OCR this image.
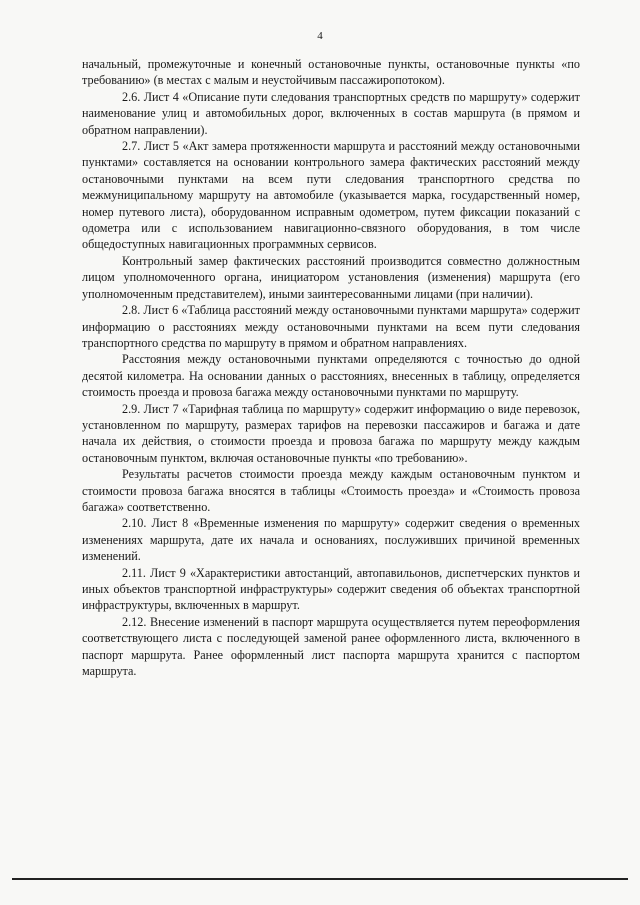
4

начальный, промежуточные и конечный остановочные пункты, остановочные пункты «по требованию» (в местах с малым и неустойчивым пассажиропотоком).

2.6. Лист 4 «Описание пути следования транспортных средств по маршруту» содержит наименование улиц и автомобильных дорог, включенных в состав маршрута (в прямом и обратном направлении).

2.7. Лист 5 «Акт замера протяженности маршрута и расстояний между остановочными пунктами» составляется на основании контрольного замера фактических расстояний между остановочными пунктами на всем пути следования транспортного средства по межмуниципальному маршруту на автомобиле (указывается марка, государственный номер, номер путевого листа), оборудованном исправным одометром, путем фиксации показаний с одометра или с использованием навигационно-связного оборудования, в том числе общедоступных навигационных программных сервисов.

Контрольный замер фактических расстояний производится совместно должностным лицом уполномоченного органа, инициатором установления (изменения) маршрута (его уполномоченным представителем), иными заинтересованными лицами (при наличии).

2.8. Лист 6 «Таблица расстояний между остановочными пунктами маршрута» содержит информацию о расстояниях между остановочными пунктами на всем пути следования транспортного средства по маршруту в прямом и обратном направлениях.

Расстояния между остановочными пунктами определяются с точностью до одной десятой километра. На основании данных о расстояниях, внесенных в таблицу, определяется стоимость проезда и провоза багажа между остановочными пунктами по маршруту.

2.9. Лист 7 «Тарифная таблица по маршруту» содержит информацию о виде перевозок, установленном по маршруту, размерах тарифов на перевозки пассажиров и багажа и дате начала их действия, о стоимости проезда и провоза багажа по маршруту между каждым остановочным пунктом, включая остановочные пункты «по требованию».

Результаты расчетов стоимости проезда между каждым остановочным пунктом и стоимости провоза багажа вносятся в таблицы «Стоимость проезда» и «Стоимость провоза багажа» соответственно.

2.10. Лист 8 «Временные изменения по маршруту» содержит сведения о временных изменениях маршрута, дате их начала и основаниях, послуживших причиной временных изменений.

2.11. Лист 9 «Характеристики автостанций, автопавильонов, диспетчерских пунктов и иных объектов транспортной инфраструктуры» содержит сведения об объектах транспортной инфраструктуры, включенных в маршрут.

2.12. Внесение изменений в паспорт маршрута осуществляется путем переоформления соответствующего листа с последующей заменой ранее оформленного листа, включенного в паспорт маршрута. Ранее оформленный лист паспорта маршрута хранится с паспортом маршрута.
